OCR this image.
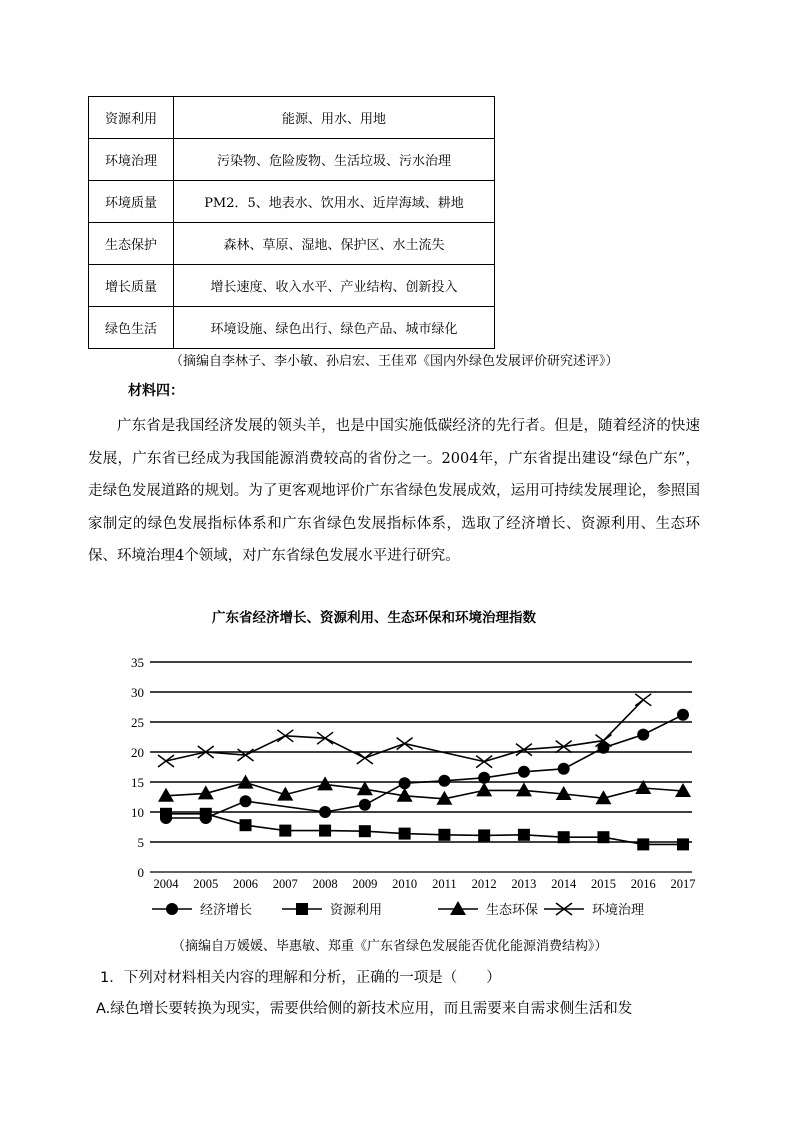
资源利用	能源、用水、用地
环境治理	污染物、危险废物、生活垃圾、污水治理
环境质量	PM2．5、地表水、饮用水、近岸海域、耕地
生态保护	森林、草原、湿地、保护区、水土流失
增长质量	增长速度、收入水平、产业结构、创新投入
绿色生活	环境设施、绿色出行、绿色产品、城市绿化
（摘编自李林子、李小敏、孙启宏、王佳邓《国内外绿色发展评价研究述评》）
材料四：
广东省是我国经济发展的领头羊，也是中国实施低碳经济的先行者。但是，随着经济的快速发展，广东省已经成为我国能源消费较高的省份之一。2004年，广东省提出建设“绿色广东”，走绿色发展道路的规划。为了更客观地评价广东省绿色发展成效，运用可持续发展理论，参照国家制定的绿色发展指标体系和广东省绿色发展指标体系，选取了经济增长、资源利用、生态环保、环境治理4个领域，对广东省绿色发展水平进行研究。
广东省经济增长、资源利用、生态环保和环境治理指数
0
5
10
15
20
25
30
35
2004 2005 2006 2007 2008 2009 2010 2011 2012 2013 2014 2015 2016 2017
经济增长	资源利用	生态环保	环境治理
（摘编自万媛媛、毕惠敏、郑重《广东省绿色发展能否优化能源消费结构》）
1．下列对材料相关内容的理解和分析，正确的一项是（　　）
A.绿色增长要转换为现实，需要供给侧的新技术应用，而且需要来自需求侧生活和发
